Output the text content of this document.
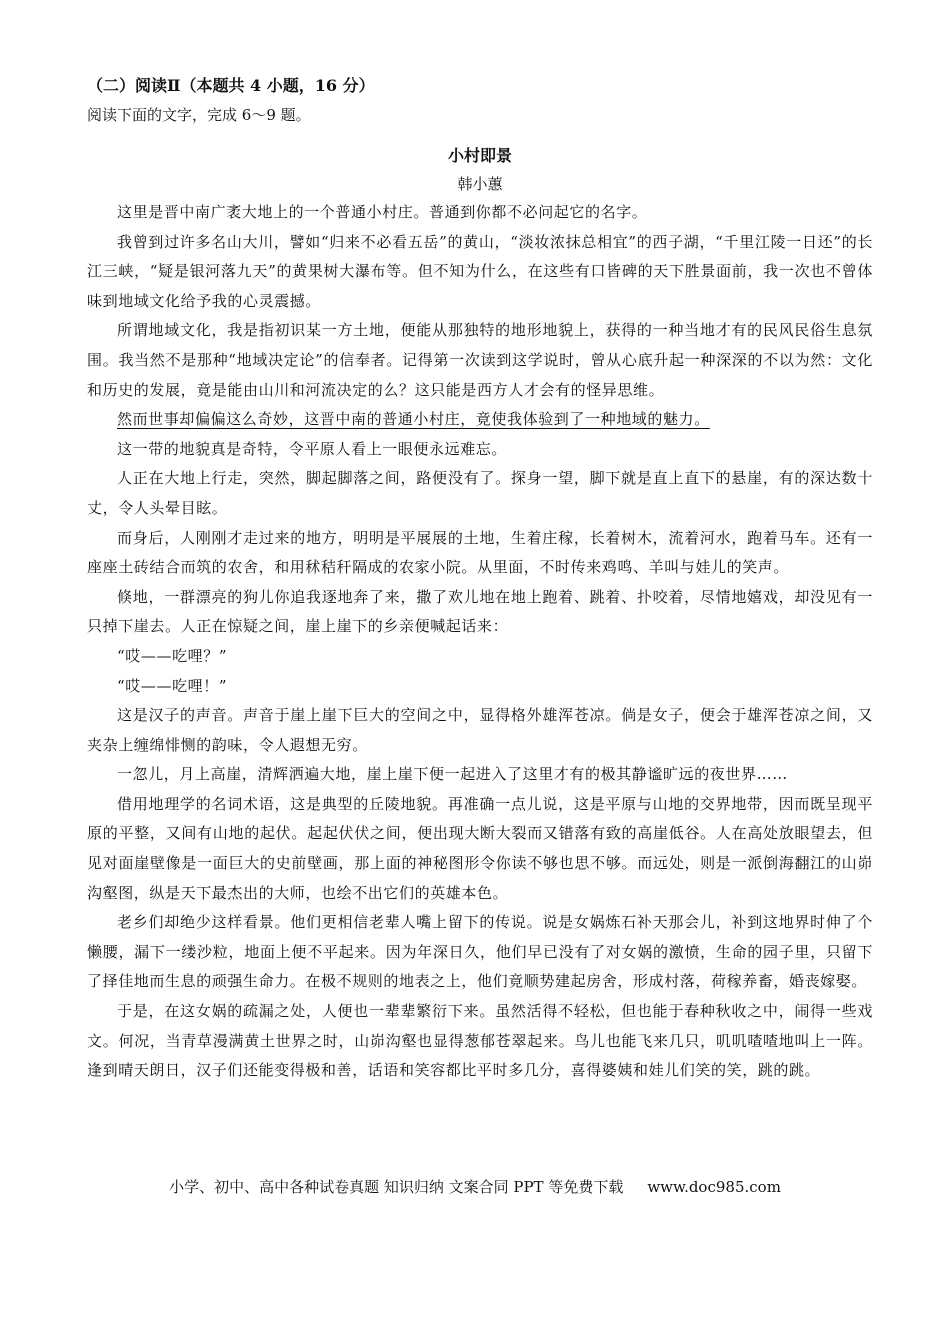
（二）阅读Ⅱ（本题共 4 小题，16 分）

阅读下面的文字，完成 6～9 题。

小村即景
韩小蕙

这里是晋中南广袤大地上的一个普通小村庄。普通到你都不必问起它的名字。

我曾到过许多名山大川，譬如“归来不必看五岳”的黄山，“淡妆浓抹总相宜”的西子湖，“千里江陵一日还”的长江三峡，“疑是银河落九天”的黄果树大瀑布等。但不知为什么，在这些有口皆碑的天下胜景面前，我一次也不曾体味到地域文化给予我的心灵震撼。

所谓地域文化，我是指初识某一方土地，便能从那独特的地形地貌上，获得的一种当地才有的民风民俗生息氛围。我当然不是那种“地域决定论”的信奉者。记得第一次读到这学说时，曾从心底升起一种深深的不以为然：文化和历史的发展，竟是能由山川和河流决定的么？这只能是西方人才会有的怪异思维。

然而世事却偏偏这么奇妙，这晋中南的普通小村庄，竟使我体验到了一种地域的魅力。

这一带的地貌真是奇特，令平原人看上一眼便永远难忘。

人正在大地上行走，突然，脚起脚落之间，路便没有了。探身一望，脚下就是直上直下的悬崖，有的深达数十丈，令人头晕目眩。

而身后，人刚刚才走过来的地方，明明是平展展的土地，生着庄稼，长着树木，流着河水，跑着马车。还有一座座土砖结合而筑的农舍，和用秫秸秆隔成的农家小院。从里面，不时传来鸡鸣、羊叫与娃儿的笑声。

倏地，一群漂亮的狗儿你追我逐地奔了来，撒了欢儿地在地上跑着、跳着、扑咬着，尽情地嬉戏，却没见有一只掉下崖去。人正在惊疑之间，崖上崖下的乡亲便喊起话来：

“哎——吃哩？”

“哎——吃哩！”

这是汉子的声音。声音于崖上崖下巨大的空间之中，显得格外雄浑苍凉。倘是女子，便会于雄浑苍凉之间，又夹杂上缠绵悱恻的韵味，令人遐想无穷。

一忽儿，月上高崖，清辉洒遍大地，崖上崖下便一起进入了这里才有的极其静谧旷远的夜世界……

借用地理学的名词术语，这是典型的丘陵地貌。再准确一点儿说，这是平原与山地的交界地带，因而既呈现平原的平整，又间有山地的起伏。起起伏伏之间，便出现大断大裂而又错落有致的高崖低谷。人在高处放眼望去，但见对面崖壁像是一面巨大的史前壁画，那上面的神秘图形令你读不够也思不够。而远处，则是一派倒海翻江的山峁沟壑图，纵是天下最杰出的大师，也绘不出它们的英雄本色。

老乡们却绝少这样看景。他们更相信老辈人嘴上留下的传说。说是女娲炼石补天那会儿，补到这地界时伸了个懒腰，漏下一缕沙粒，地面上便不平起来。因为年深日久，他们早已没有了对女娲的激愤，生命的园子里，只留下了择佳地而生息的顽强生命力。在极不规则的地表之上，他们竟顺势建起房舍，形成村落，荷稼养畜，婚丧嫁娶。

于是，在这女娲的疏漏之处，人便也一辈辈繁衍下来。虽然活得不轻松，但也能于春种秋收之中，闹得一些戏文。何况，当青草漫满黄土世界之时，山峁沟壑也显得葱郁苍翠起来。鸟儿也能飞来几只，叽叽喳喳地叫上一阵。逢到晴天朗日，汉子们还能变得极和善，话语和笑容都比平时多几分，喜得婆姨和娃儿们笑的笑，跳的跳。

小学、初中、高中各种试卷真题 知识归纳 文案合同 PPT 等免费下载 www.doc985.com
